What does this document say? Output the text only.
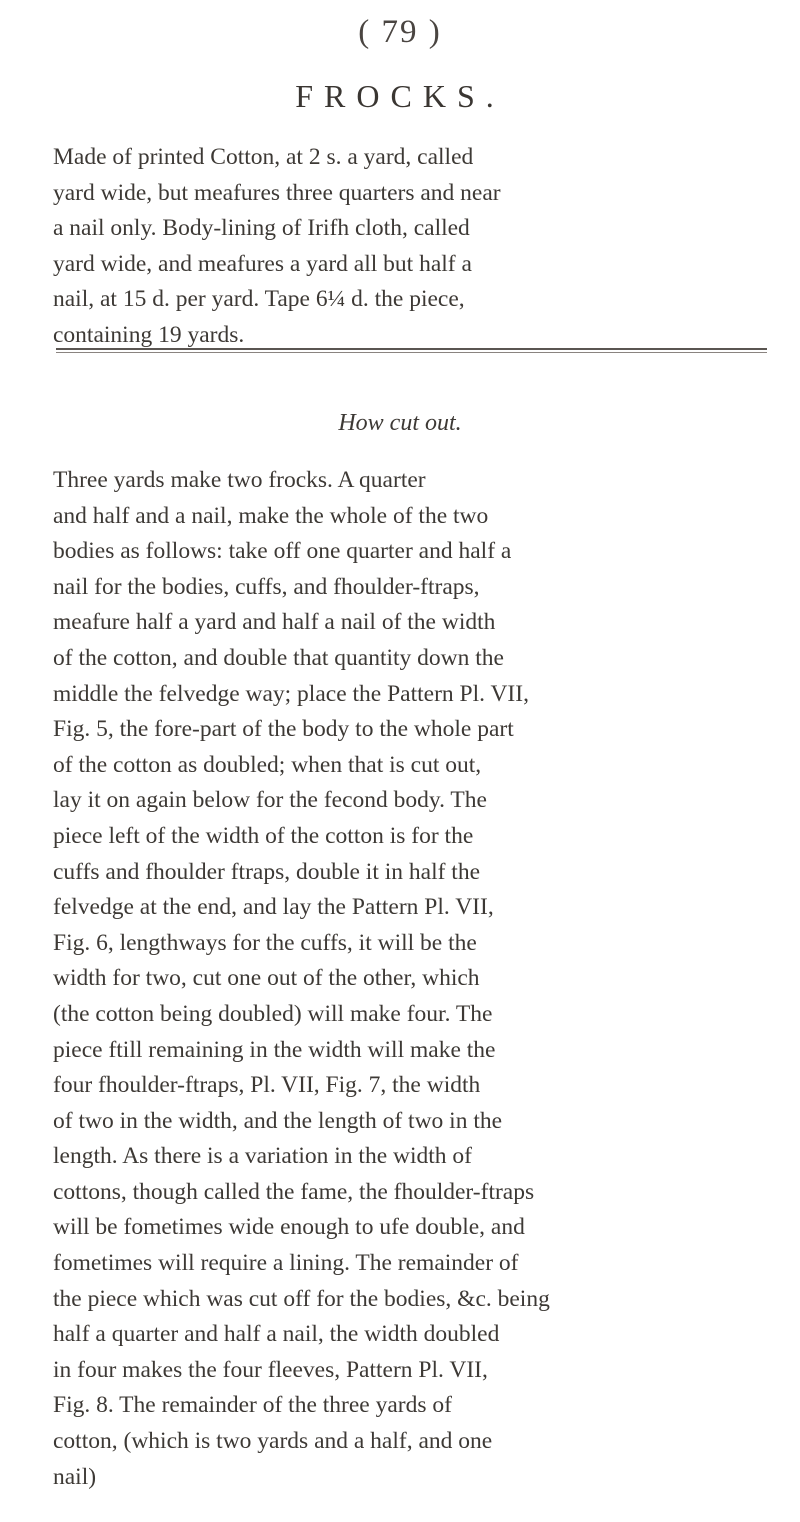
( 79 )
FROCKS.
Made of printed Cotton, at 2 s. a yard, called
yard wide, but meafures three quarters and near
a nail only. Body-lining of Irifh cloth, called
yard wide, and meafures a yard all but half a
nail, at 15 d. per yard. Tape 6¼ d. the piece,
containing 19 yards.
How cut out.
Three yards make two frocks. A quarter
and half and a nail, make the whole of the two
bodies as follows: take off one quarter and half a
nail for the bodies, cuffs, and fhoulder-ftraps,
meafure half a yard and half a nail of the width
of the cotton, and double that quantity down the
middle the felvedge way; place the Pattern Pl. VII,
Fig. 5, the fore-part of the body to the whole part
of the cotton as doubled; when that is cut out,
lay it on again below for the fecond body. The
piece left of the width of the cotton is for the
cuffs and fhoulder ftraps, double it in half the
felvedge at the end, and lay the Pattern Pl. VII,
Fig. 6, lengthways for the cuffs, it will be the
width for two, cut one out of the other, which
(the cotton being doubled) will make four. The
piece ftill remaining in the width will make the
four fhoulder-ftraps, Pl. VII, Fig. 7, the width
of two in the width, and the length of two in the
length. As there is a variation in the width of
cottons, though called the fame, the fhoulder-ftraps
will be fometimes wide enough to ufe double, and
fometimes will require a lining. The remainder of
the piece which was cut off for the bodies, &c. being
half a quarter and half a nail, the width doubled
in four makes the four fleeves, Pattern Pl. VII,
Fig. 8. The remainder of the three yards of
cotton, (which is two yards and a half, and one
nail)
